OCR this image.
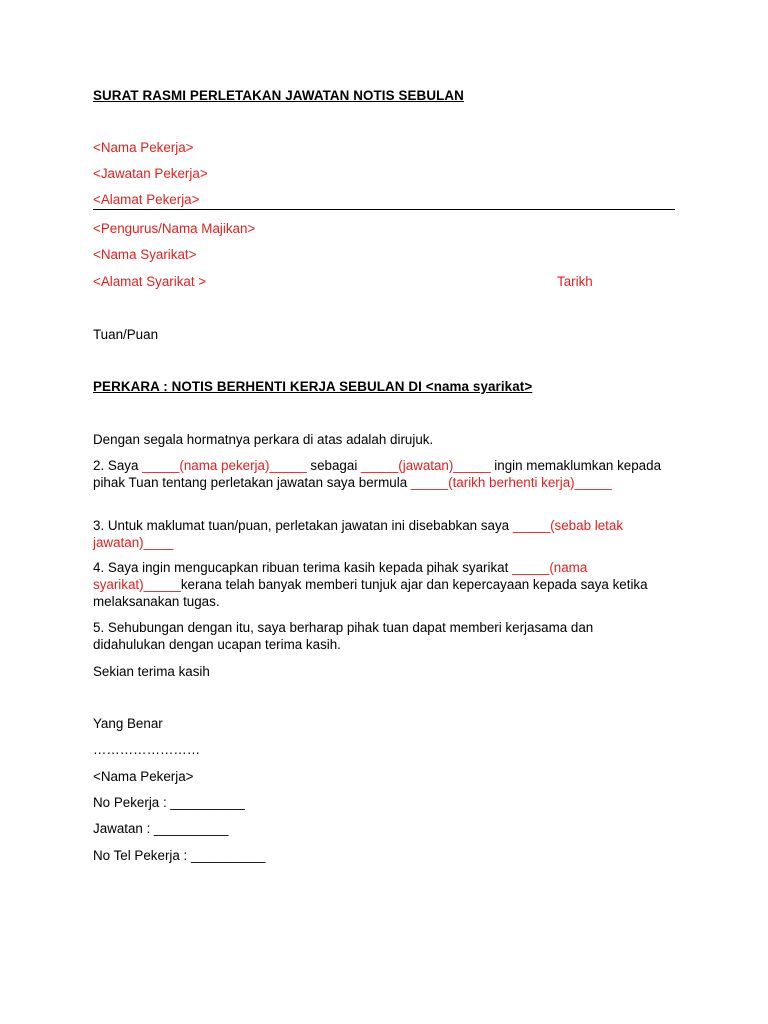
SURAT RASMI PERLETAKAN JAWATAN NOTIS SEBULAN
<Nama Pekerja>
<Jawatan Pekerja>
<Alamat Pekerja>
<Pengurus/Nama Majikan>
<Nama Syarikat>
<Alamat Syarikat >	Tarikh
Tuan/Puan
PERKARA : NOTIS BERHENTI KERJA SEBULAN DI <nama syarikat>
Dengan segala hormatnya perkara di atas adalah dirujuk.
2. Saya _____(nama pekerja)_____ sebagai _____(jawatan)_____ ingin memaklumkan kepada pihak Tuan tentang perletakan jawatan saya bermula _____(tarikh berhenti kerja)_____
3. Untuk maklumat tuan/puan, perletakan jawatan ini disebabkan saya _____(sebab letak jawatan)____
4. Saya ingin mengucapkan ribuan terima kasih kepada pihak syarikat _____(nama syarikat)_____kerana telah banyak memberi tunjuk ajar dan kepercayaan kepada saya ketika melaksanakan tugas.
5. Sehubungan dengan itu, saya berharap pihak tuan dapat memberi kerjasama dan didahulukan dengan ucapan terima kasih.
Sekian terima kasih
Yang Benar
……………………
<Nama Pekerja>
No Pekerja : __________
Jawatan : __________
No Tel Pekerja : __________
